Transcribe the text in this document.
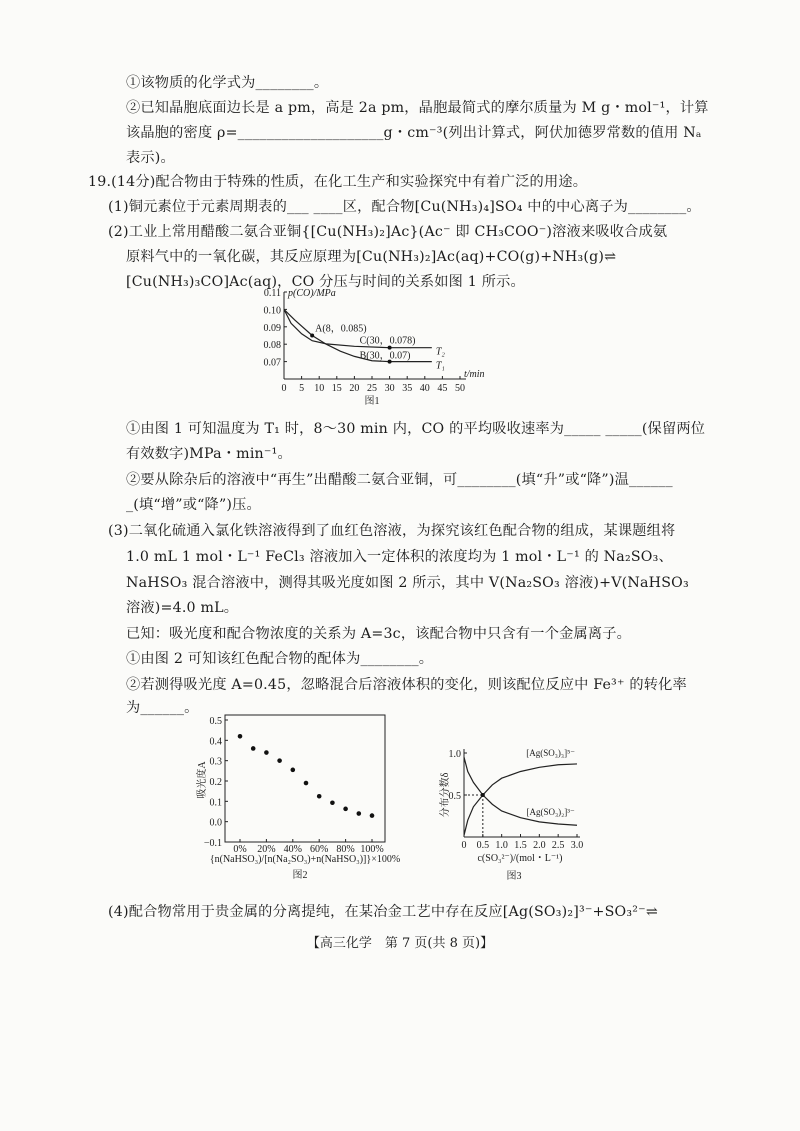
①该物质的化学式为________。
②已知晶胞底面边长是 a pm，高是 2a pm，晶胞最简式的摩尔质量为 M g・mol⁻¹，计算
该晶胞的密度 ρ=____________________g・cm⁻³(列出计算式，阿伏加德罗常数的值用 Nₐ
表示)。
19.(14分)配合物由于特殊的性质，在化工生产和实验探究中有着广泛的用途。
(1)铜元素位于元素周期表的___ ____区，配合物[Cu(NH₃)₄]SO₄ 中的中心离子为________。
(2)工业上常用醋酸二氨合亚铜{[Cu(NH₃)₂]Ac}(Ac⁻ 即 CH₃COO⁻)溶液来吸收合成氨
原料气中的一氧化碳，其反应原理为[Cu(NH₃)₂]Ac(aq)+CO(g)+NH₃(g)⇌
[Cu(NH₃)₃CO]Ac(aq)，CO 分压与时间的关系如图 1 所示。
0 5 10 15 20 25 30 35 40 45 50
0.07
0.08
0.09
0.10
0.11 p(CO)/MPa
t/min
T₁
T₂
A(8，0.085)
C(30，0.078)
B(30，0.07)
图1
−0.1
0.0
0.1
0.2
0.3
0.4
0.5
0% 20% 40% 60% 80% 100%
吸光度A
{n(NaHSO₃)/[n(Na₂SO₃)+n(NaHSO₃)]}×100%
图2
0 0.5 1.0 1.5 2.0 2.5 3.0
0.5
1.0	[Ag(SO₃)₃]⁵⁻
[Ag(SO₃)₂]³⁻
分布分数δ
c(SO₃²⁻)/(mol・L⁻¹)
图3
①由图 1 可知温度为 T₁ 时，8～30 min 内，CO 的平均吸收速率为_____ _____(保留两位
有效数字)MPa・min⁻¹。
②要从除杂后的溶液中“再生”出醋酸二氨合亚铜，可________(填“升”或“降”)温______
_(填“增”或“降”)压。
(3)二氧化硫通入氯化铁溶液得到了血红色溶液，为探究该红色配合物的组成，某课题组将
1.0 mL 1 mol・L⁻¹ FeCl₃ 溶液加入一定体积的浓度均为 1 mol・L⁻¹ 的 Na₂SO₃、
NaHSO₃ 混合溶液中，测得其吸光度如图 2 所示，其中 V(Na₂SO₃ 溶液)+V(NaHSO₃
溶液)=4.0 mL。
已知：吸光度和配合物浓度的关系为 A=3c，该配合物中只含有一个金属离子。
①由图 2 可知该红色配合物的配体为________。
②若测得吸光度 A=0.45，忽略混合后溶液体积的变化，则该配位反应中 Fe³⁺ 的转化率
为______。
(4)配合物常用于贵金属的分离提纯，在某冶金工艺中存在反应[Ag(SO₃)₂]³⁻+SO₃²⁻⇌
【高三化学　第 7 页(共 8 页)】
